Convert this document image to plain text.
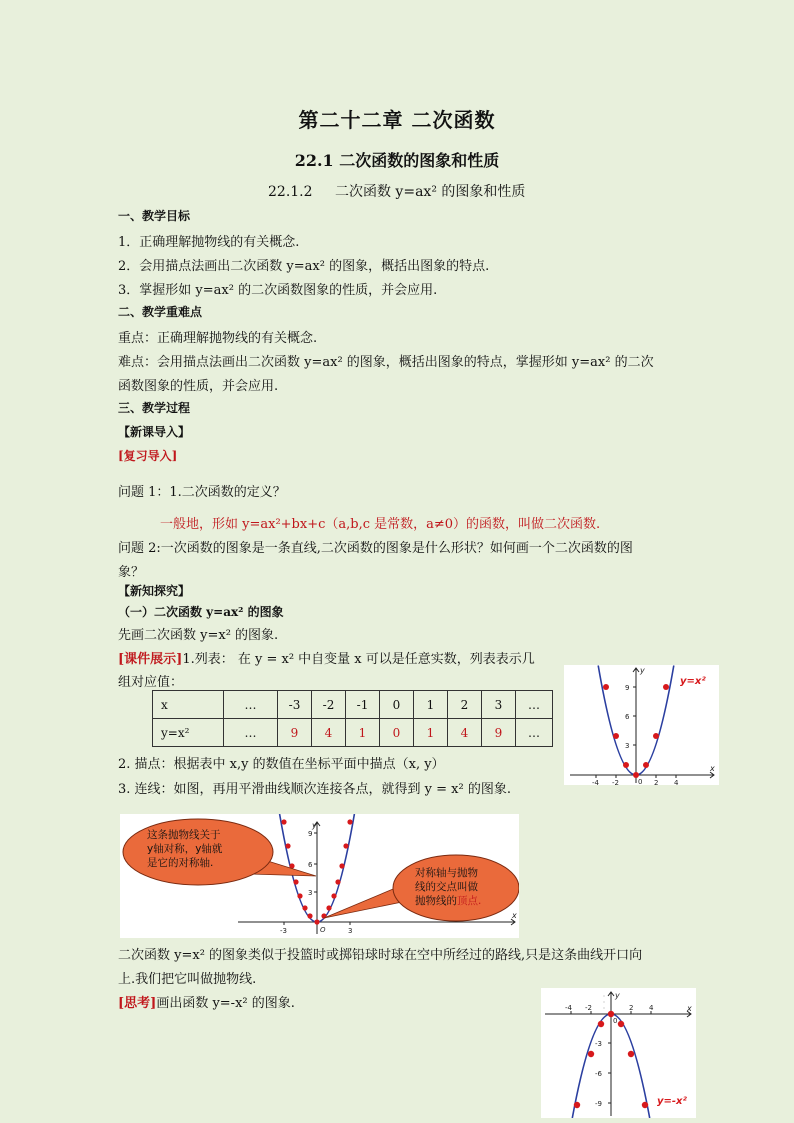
第二十二章 二次函数
22.1 二次函数的图象和性质
22.1.2 二次函数 y=ax² 的图象和性质
一、教学目标
1．正确理解抛物线的有关概念.
2．会用描点法画出二次函数 y=ax² 的图象，概括出图象的特点.
3．掌握形如 y=ax² 的二次函数图象的性质，并会应用.
二、教学重难点
重点：正确理解抛物线的有关概念.
难点：会用描点法画出二次函数 y=ax² 的图象，概括出图象的特点，掌握形如 y=ax² 的二次
函数图象的性质，并会应用.
三、教学过程
【新课导入】
[复习导入]
问题 1：1.二次函数的定义？
一般地，形如 y=ax²+bx+c（a,b,c 是常数，a≠0）的函数，叫做二次函数.
问题 2:一次函数的图象是一条直线,二次函数的图象是什么形状？如何画一个二次函数的图
象？
【新知探究】
（一）二次函数 y=ax² 的图象
先画二次函数 y=x² 的图象.
[课件展示]1.列表： 在 y = x² 中自变量 x 可以是任意实数，列表表示几
组对应值：
x	…	-3	-2	-1	0	1	2	3	…
y=x²	…	9	4	1	0	1	4	9	…
2. 描点：根据表中 x,y 的数值在坐标平面中描点（x, y）
3. 连线：如图，再用平滑曲线顺次连接各点，就得到 y = x² 的图象.
x
y
-4 -2	2 4
0
9
6
3
y=x²
-3	3
O
9
6
3
x
y
这条抛物线关于
y轴对称，y轴就
是它的对称轴.
对称轴与抛物
线的交点叫做
抛物线的顶点.
二次函数 y=x² 的图象类似于投篮时或掷铅球时球在空中所经过的路线,只是这条曲线开口向
上.我们把它叫做抛物线.
[思考]画出函数 y=-x² 的图象.	x
y
-4 -2	2 4
0
-3
-6
-9	y=-x²
